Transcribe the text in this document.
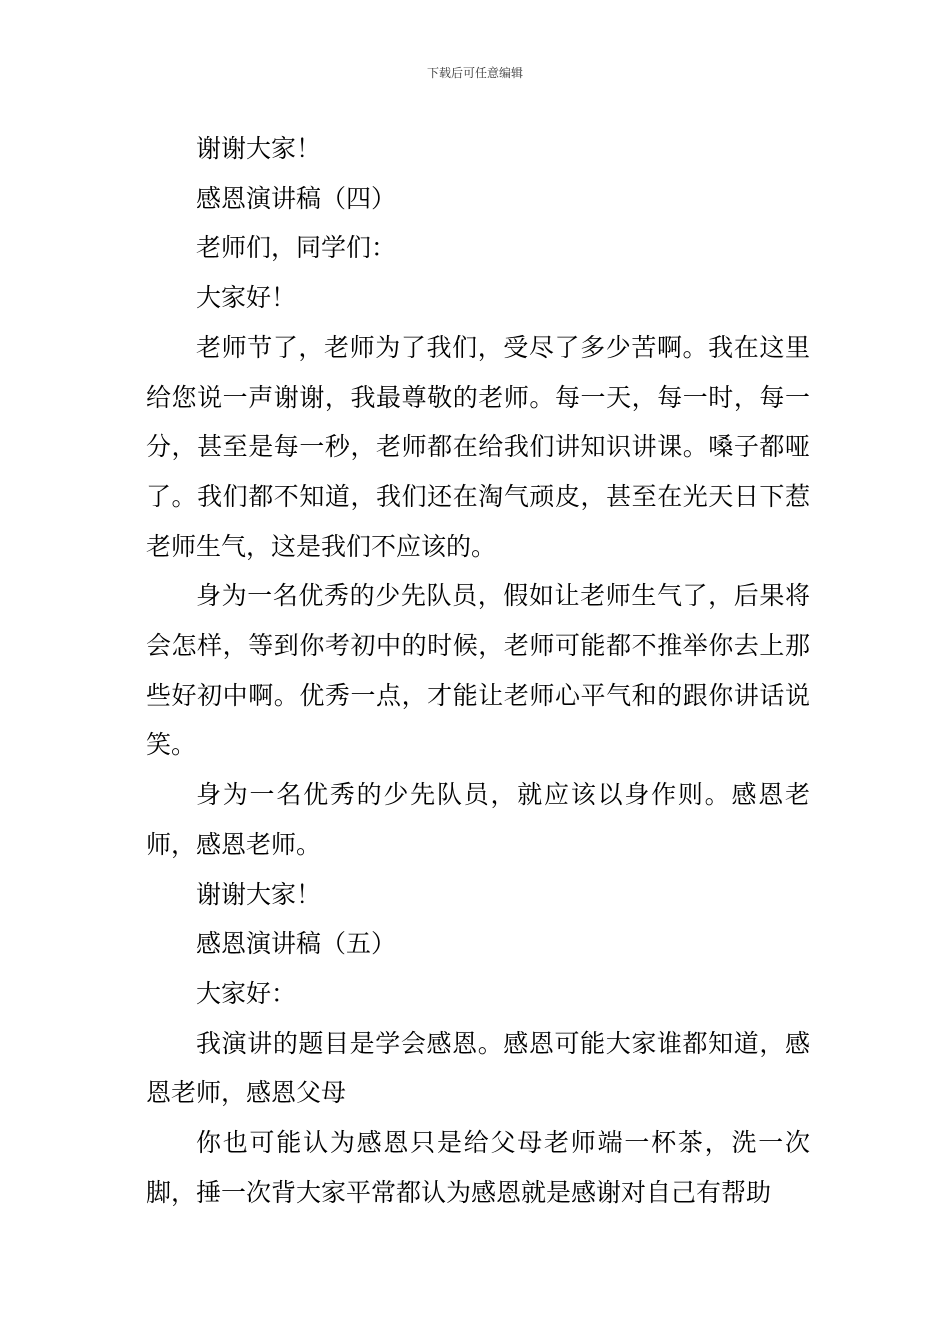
下载后可任意编辑

谢谢大家！

感恩演讲稿（四）

老师们，同学们：

大家好！

老师节了，老师为了我们，受尽了多少苦啊。我在这里给您说一声谢谢，我最尊敬的老师。每一天，每一时，每一分，甚至是每一秒，老师都在给我们讲知识讲课。嗓子都哑了。我们都不知道，我们还在淘气顽皮，甚至在光天日下惹老师生气，这是我们不应该的。

身为一名优秀的少先队员，假如让老师生气了，后果将会怎样，等到你考初中的时候，老师可能都不推举你去上那些好初中啊。优秀一点，才能让老师心平气和的跟你讲话说笑。

身为一名优秀的少先队员，就应该以身作则。感恩老师，感恩老师。

谢谢大家！

感恩演讲稿（五）

大家好：

我演讲的题目是学会感恩。感恩可能大家谁都知道，感恩老师，感恩父母

你也可能认为感恩只是给父母老师端一杯茶，洗一次脚，捶一次背大家平常都认为感恩就是感谢对自己有帮助
